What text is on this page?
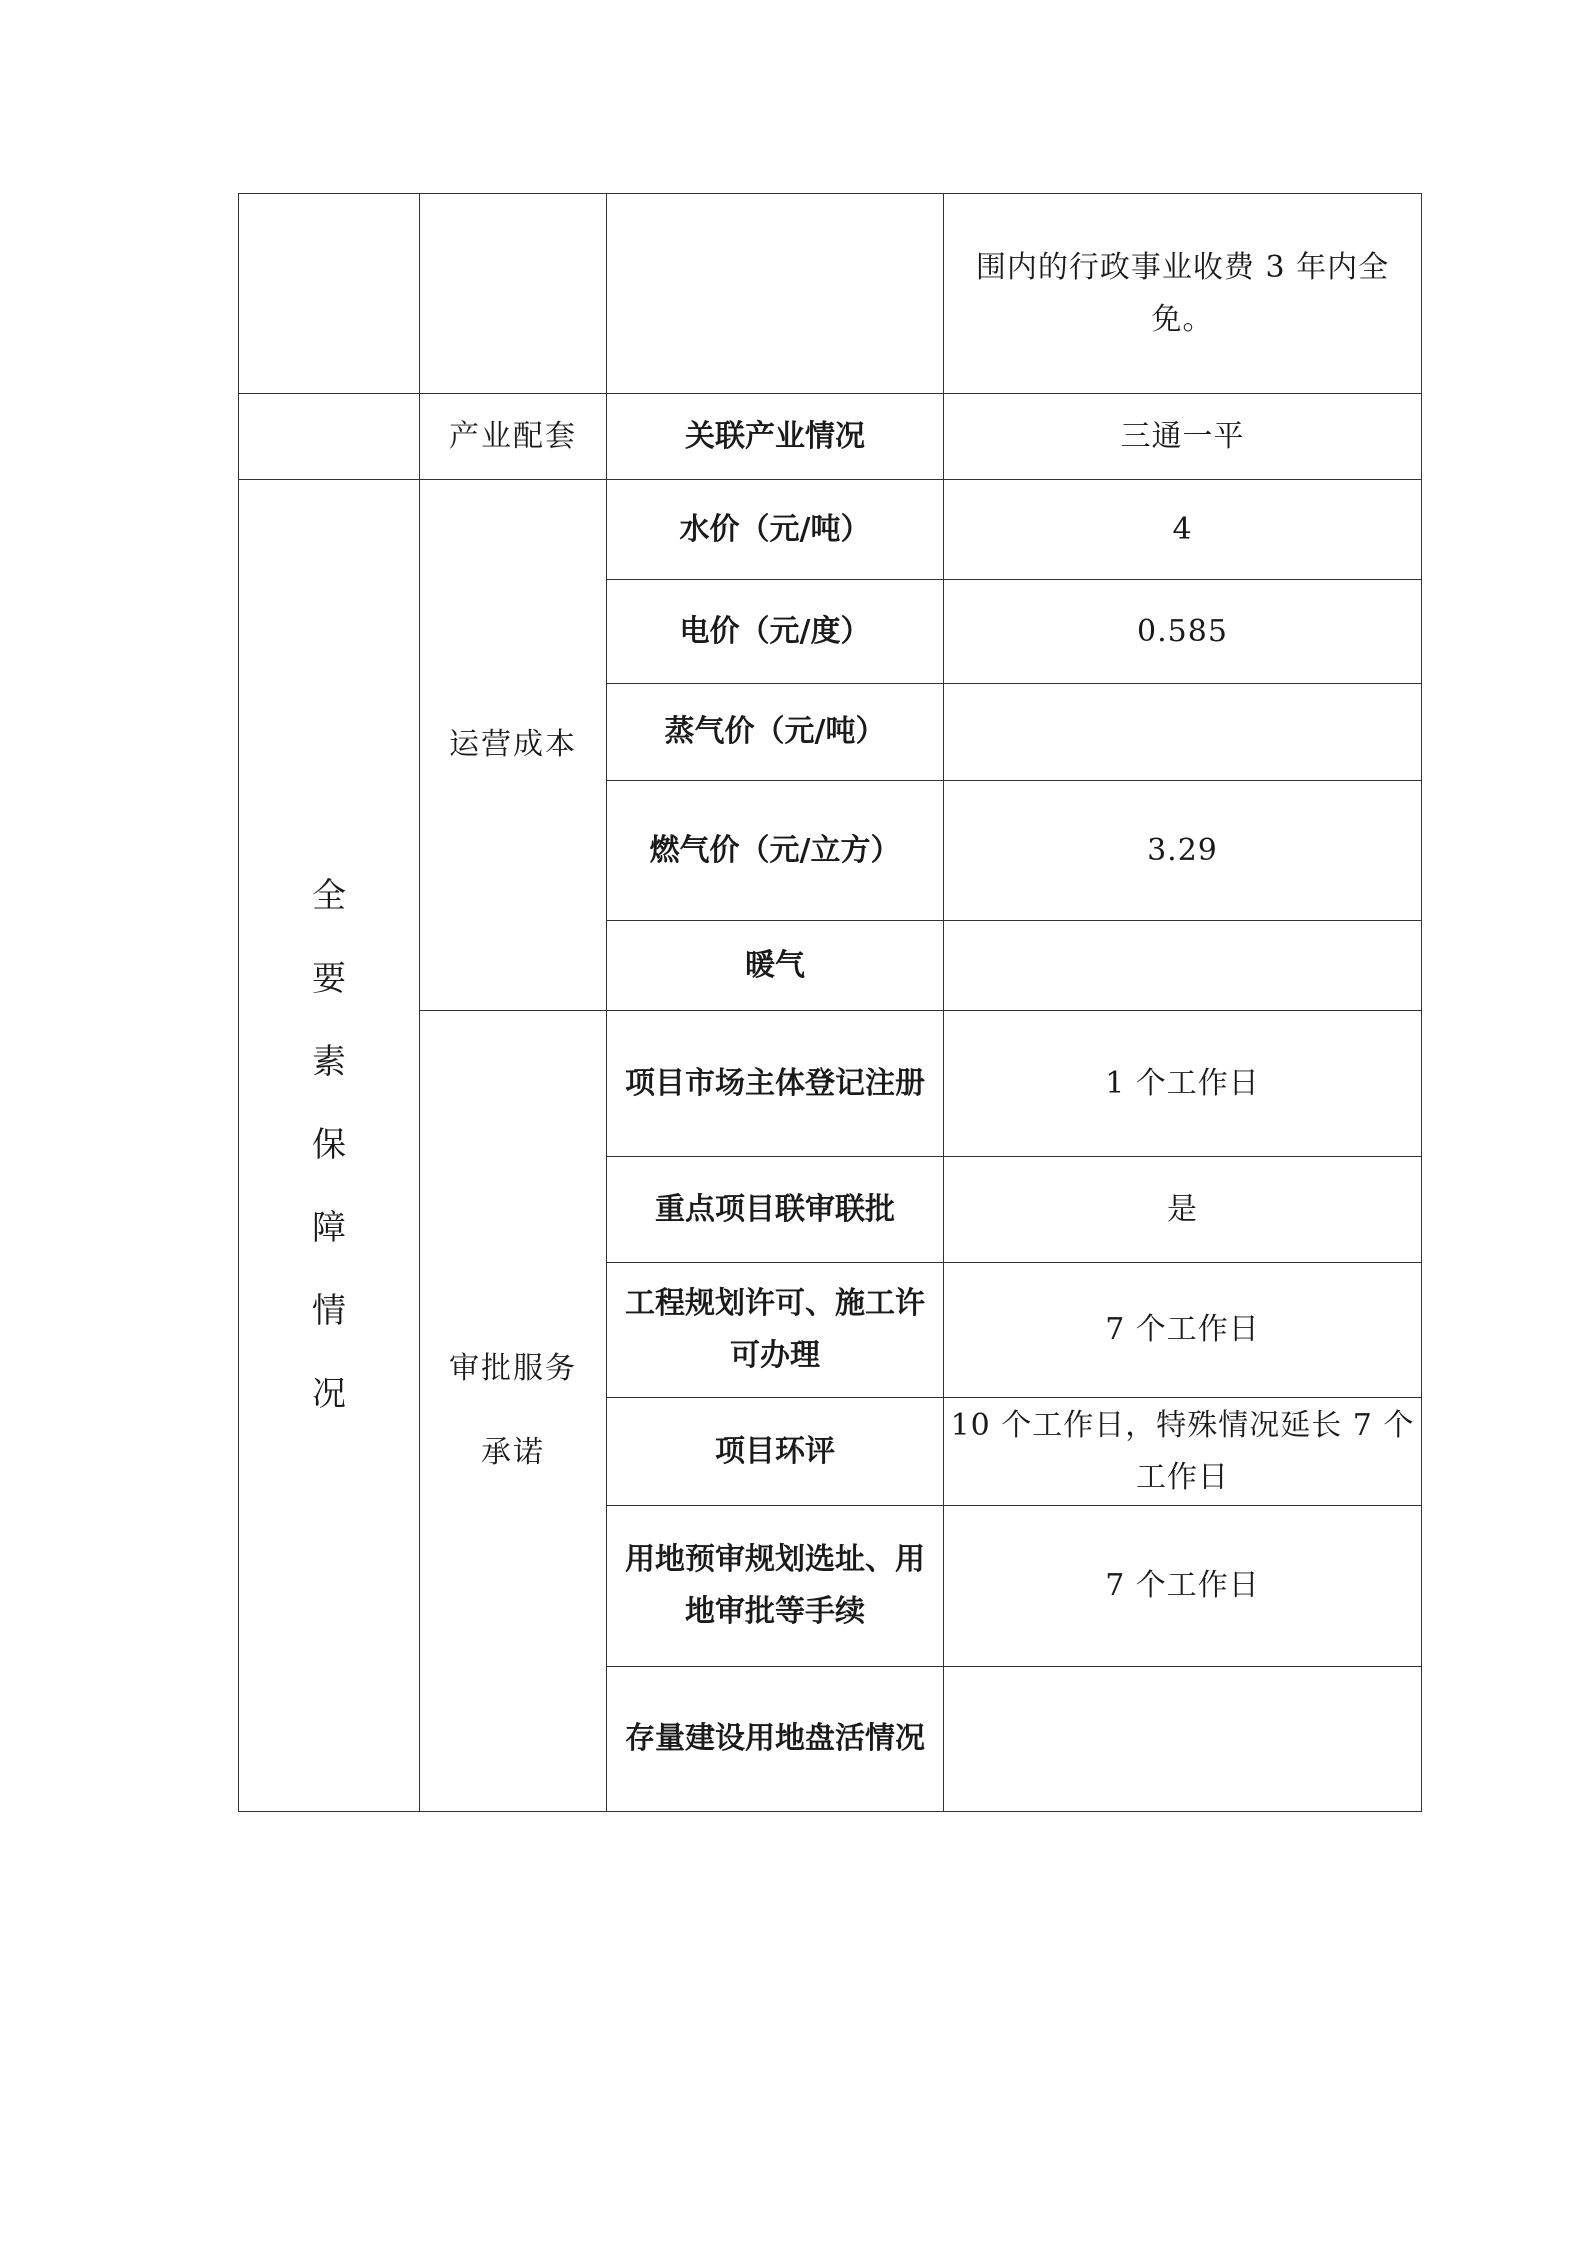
			围内的行政事业收费 3 年内全免。
	产业配套	关联产业情况	三通一平
全要素保障情况	运营成本	水价（元/吨）	4
		电价（元/度）	0.585
		蒸气价（元/吨）	
		燃气价（元/立方）	3.29
		暖气	
	审批服务承诺	项目市场主体登记注册	1 个工作日
		重点项目联审联批	是
		工程规划许可、施工许可办理	7 个工作日
		项目环评	10 个工作日，特殊情况延长 7 个工作日
		用地预审规划选址、用地审批等手续	7 个工作日
		存量建设用地盘活情况	
